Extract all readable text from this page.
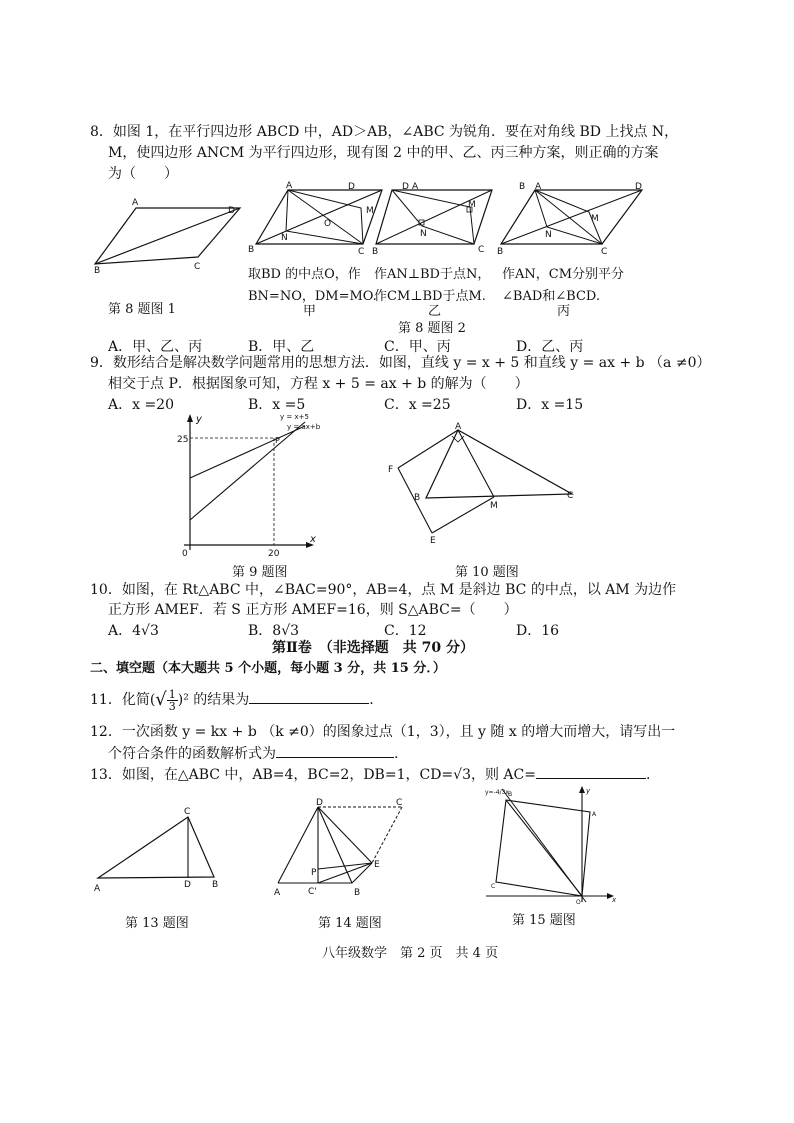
8．如图 1，在平行四边形 ABCD 中，AD＞AB，∠ABC 为锐角．要在对角线 BD 上找点 N，
M，使四边形 ANCM 为平行四边形，现有图 2 中的甲、乙、丙三种方案，则正确的方案
为（　　）
A
D
B	C
A	D
M
O
N
B	C
D A
M
N
B	C
A	D
B
M
N
B	C
取BD 的中点O，作
BN=NO，DM=MO.
甲
作AN⊥BD于点N，
作CM⊥BD于点M.
乙
作AN，CM分别平分
∠BAD和∠BCD.
丙
第 8 题图 1
第 8 题图 2
A．甲、乙、丙	B．甲、乙	C．甲、丙	D．乙、丙
9．数形结合是解决数学问题常用的思想方法．如图，直线 y = x + 5 和直线 y = ax + b （a ≠0）
相交于点 P．根据图象可知，方程 x + 5 = ax + b 的解为（　　）
A．x =20	B．x =5	C．x =25	D．x =15
y
x
P
25
20
0
y = x+5
y = ax+b
第 9 题图
A
F
B
M
C
E
第 10 题图
10．如图，在 Rt△ABC 中，∠BAC=90°，AB=4，点 M 是斜边 BC 的中点，以 AM 为边作
正方形 AMEF．若 S 正方形 AMEF=16，则 S△ABC=（　　）
A．4√3	B．8√3	C．12	D．16
第Ⅱ卷　（非选择题　共 70 分）
二、填空题（本大题共 5 个小题，每小题 3 分，共 15 分．）
11．化简(√ $\frac{1}{3} )^2$ 的结果为	.
12．一次函数 y = kx + b （k ≠0）的图象过点（1，3），且 y 随 x 的增大而增大，请写出一
个符合条件的函数解析式为	.
13．如图，在△ABC 中，AB=4，BC=2，DB=1，CD=√3，则 AC=	.
C
A	D B
第 13 题图
D	C
E
P
A	C'	B
第 14 题图
y=-4/3x B
A
C
O
y
x
第 15 题图
八年级数学　第 2 页　共 4 页
